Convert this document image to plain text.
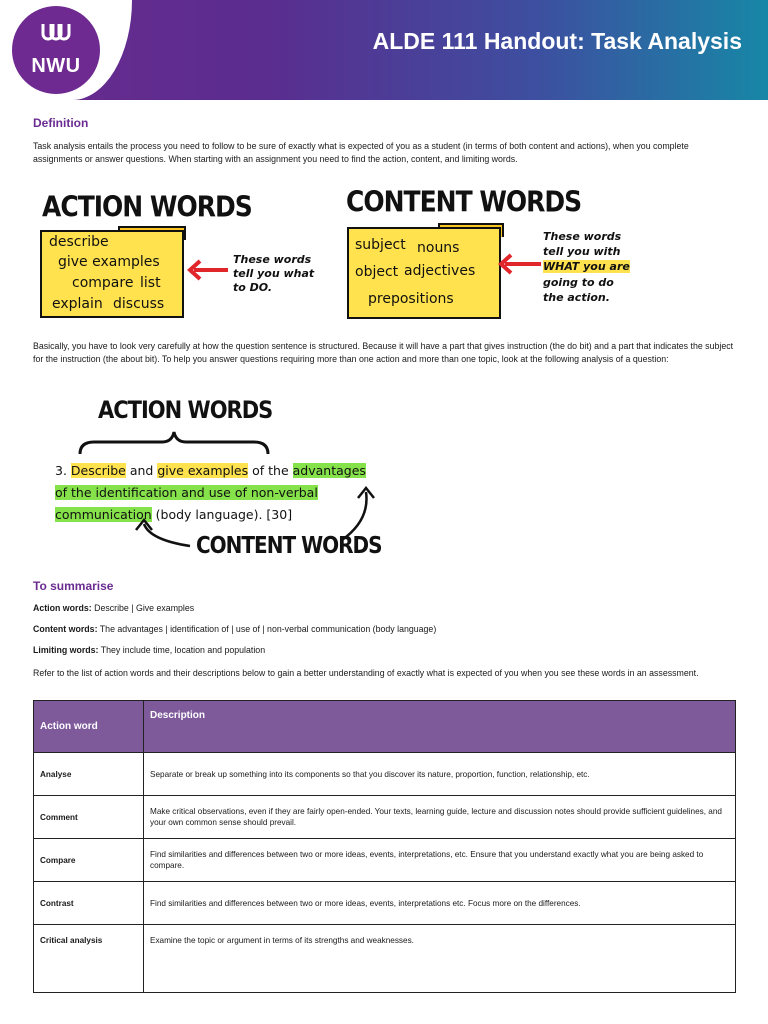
NWU
ALDE 111 Handout: Task Analysis
Definition
Task analysis entails the process you need to follow to be sure of exactly what is expected of you as a student (in terms of both content and actions), when you complete assignments or answer questions. When starting with an assignment you need to find the action, content, and limiting words.
ACTION WORDS
describe
give examples
compare list
explain discuss
These words
tell you what
to DO.
CONTENT WORDS
subject nouns
object adjectives
prepositions
These words
tell you with
WHAT you are
going to do
the action.
Basically, you have to look very carefully at how the question sentence is structured. Because it will have a part that gives instruction (the do bit) and a part that indicates the subject for the instruction (the about bit). To help you answer questions requiring more than one action and more than one topic, look at the following analysis of a question:
ACTION WORDS
3. Describe and give examples of the advantages
of the identification and use of non-verbal
communication (body language). [30]
CONTENT WORDS
To summarise
Action words: Describe | Give examples
Content words: The advantages | identification of | use of | non-verbal communication (body language)
Limiting words: They include time, location and population
Refer to the list of action words and their descriptions below to gain a better understanding of exactly what is expected of you when you see these words in an assessment.
Action word	Description
Analyse	Separate or break up something into its components so that you discover its nature, proportion, function, relationship, etc.
Comment	Make critical observations, even if they are fairly open-ended. Your texts, learning guide, lecture and discussion notes should provide sufficient guidelines, and your own common sense should prevail.
Compare	Find similarities and differences between two or more ideas, events, interpretations, etc. Ensure that you understand exactly what you are being asked to compare.
Contrast	Find similarities and differences between two or more ideas, events, interpretations etc. Focus more on the differences.
Critical analysis	Examine the topic or argument in terms of its strengths and weaknesses.
